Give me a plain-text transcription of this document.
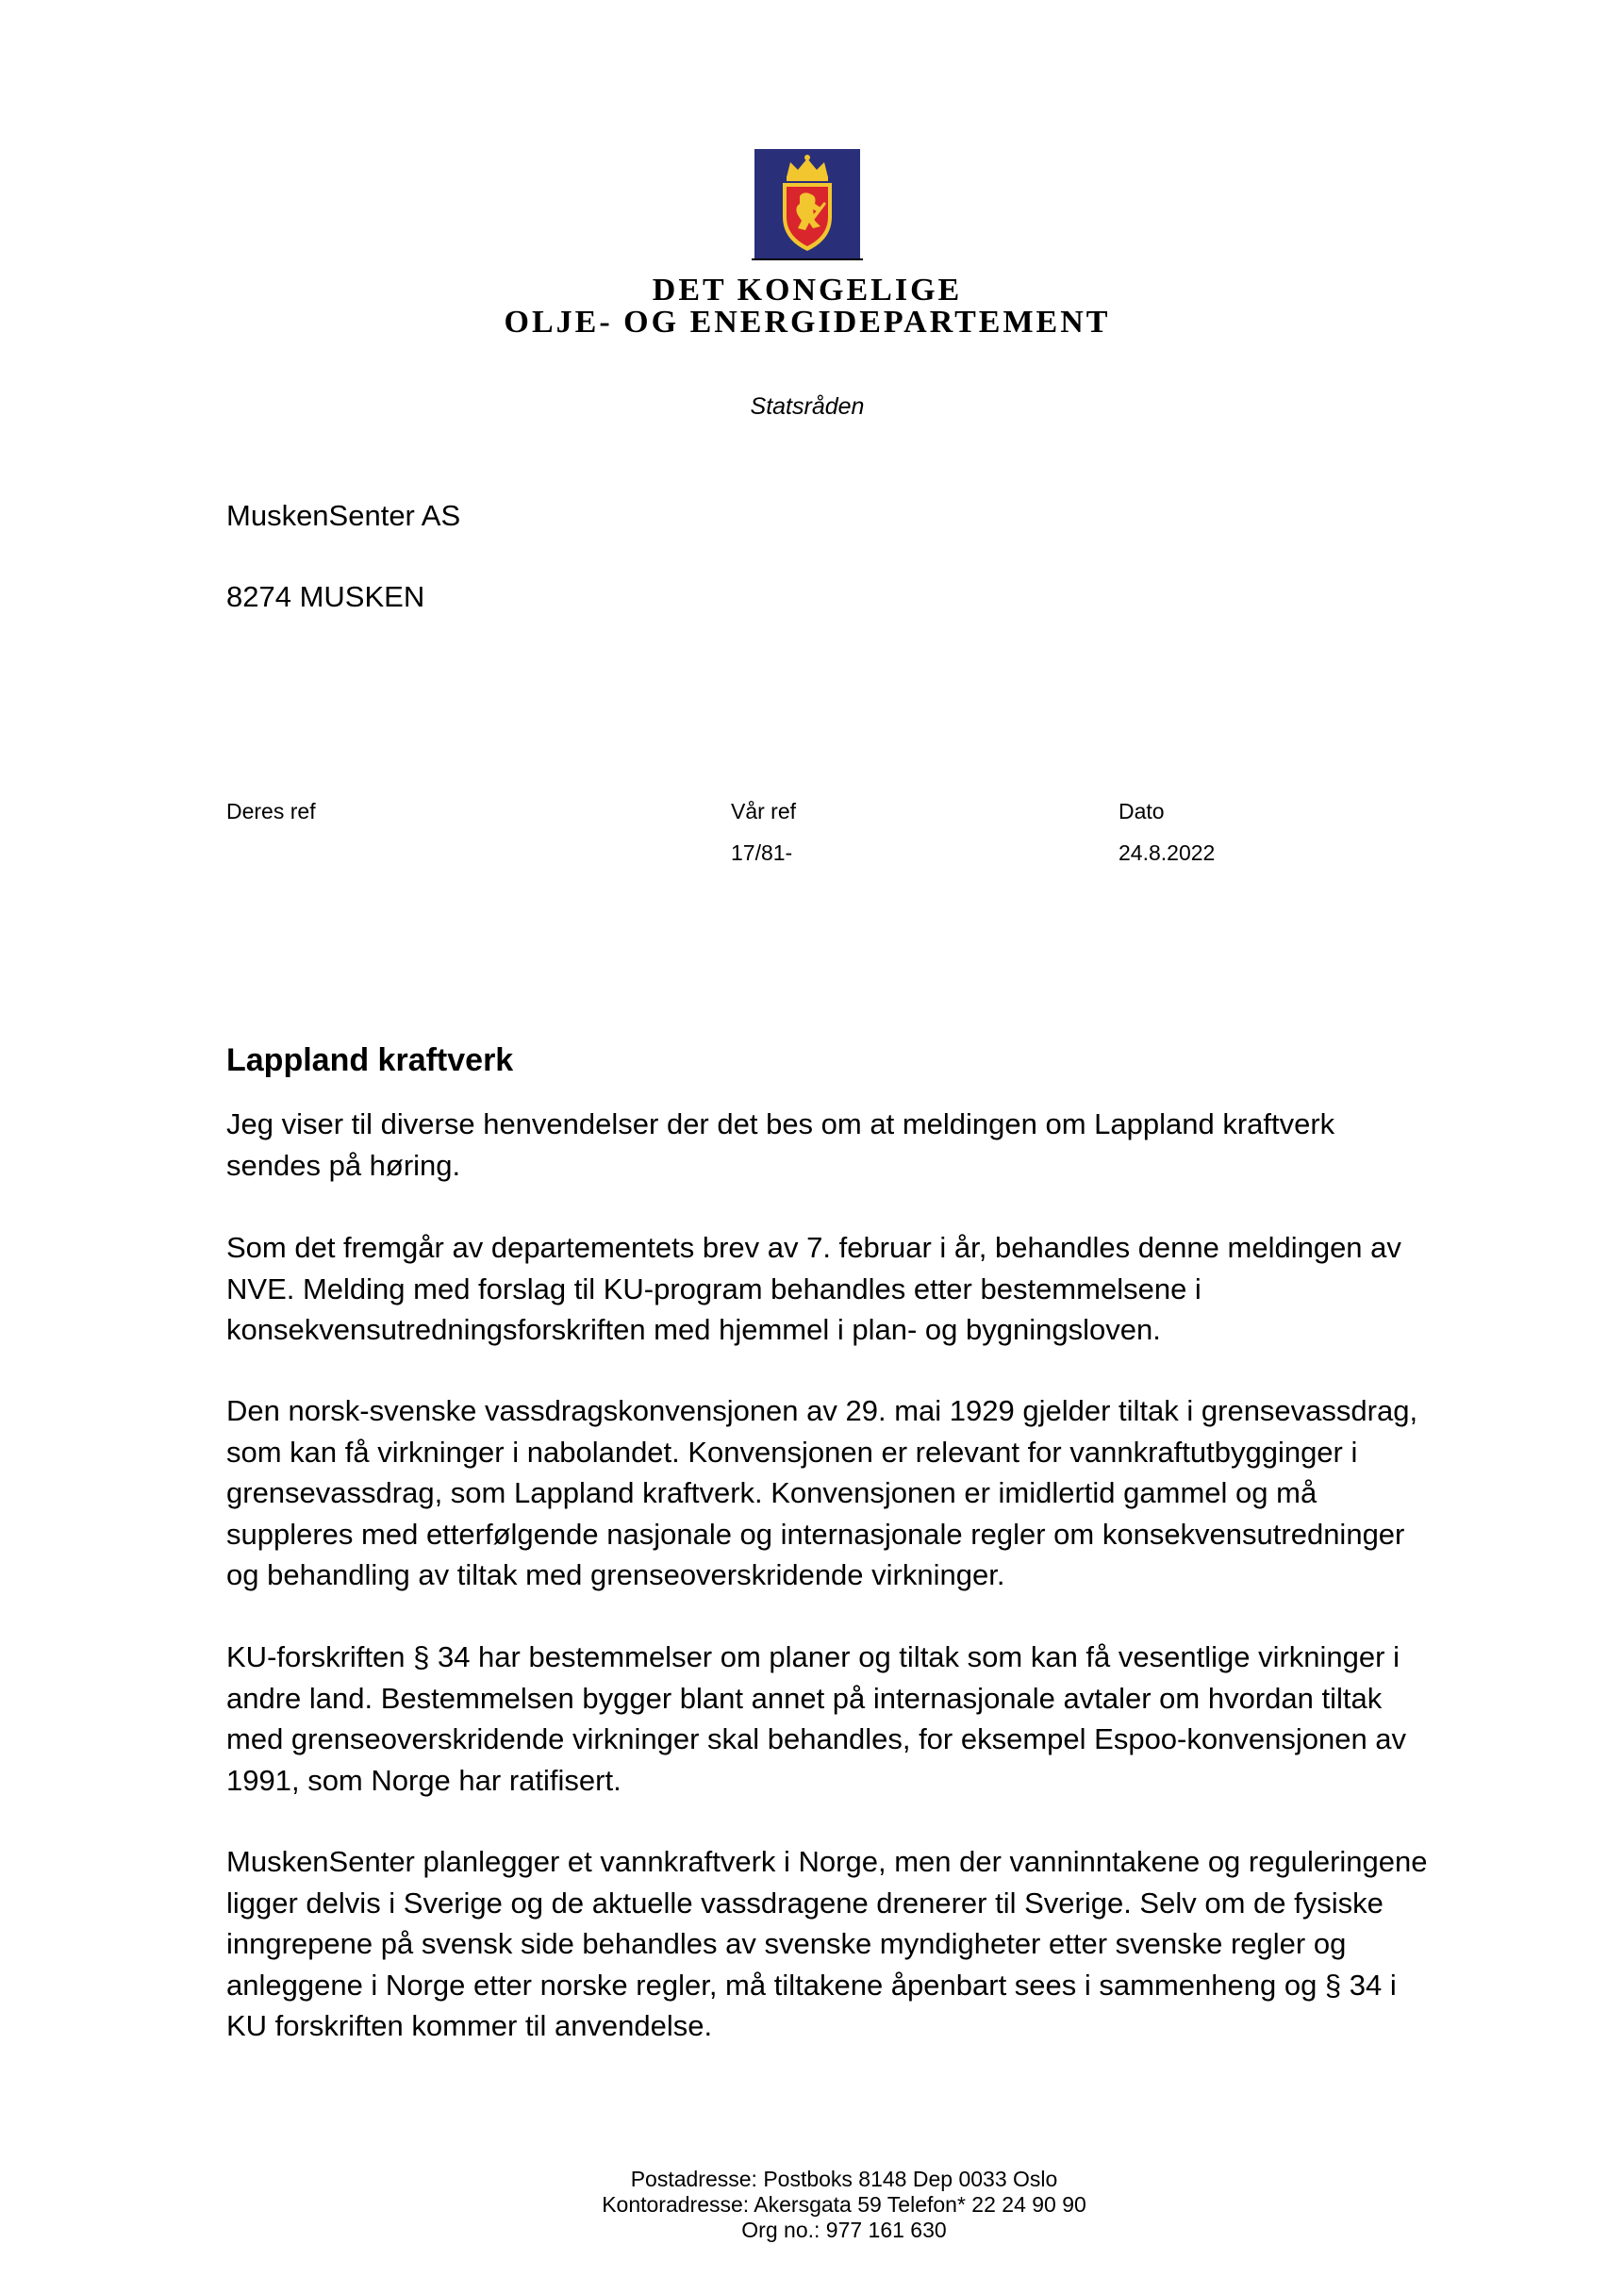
DET KONGELIGE
OLJE- OG ENERGIDEPARTEMENT
Statsråden
MuskenSenter AS
8274 MUSKEN
Deres ref	Vår ref
17/81-
Dato
24.8.2022
Lappland kraftverk
Jeg viser til diverse henvendelser der det bes om at meldingen om Lappland kraftverk
sendes på høring.
Som det fremgår av departementets brev av 7. februar i år, behandles denne meldingen av
NVE. Melding med forslag til KU-program behandles etter bestemmelsene i
konsekvensutredningsforskriften med hjemmel i plan- og bygningsloven.
Den norsk-svenske vassdragskonvensjonen av 29. mai 1929 gjelder tiltak i grensevassdrag,
som kan få virkninger i nabolandet. Konvensjonen er relevant for vannkraftutbygginger i
grensevassdrag, som Lappland kraftverk. Konvensjonen er imidlertid gammel og må
suppleres med etterfølgende nasjonale og internasjonale regler om konsekvensutredninger
og behandling av tiltak med grenseoverskridende virkninger.
KU-forskriften § 34 har bestemmelser om planer og tiltak som kan få vesentlige virkninger i
andre land. Bestemmelsen bygger blant annet på internasjonale avtaler om hvordan tiltak
med grenseoverskridende virkninger skal behandles, for eksempel Espoo-konvensjonen av
1991, som Norge har ratifisert.
MuskenSenter planlegger et vannkraftverk i Norge, men der vanninntakene og reguleringene
ligger delvis i Sverige og de aktuelle vassdragene drenerer til Sverige. Selv om de fysiske
inngrepene på svensk side behandles av svenske myndigheter etter svenske regler og
anleggene i Norge etter norske regler, må tiltakene åpenbart sees i sammenheng og § 34 i
KU forskriften kommer til anvendelse.
Postadresse: Postboks 8148 Dep 0033 Oslo
Kontoradresse: Akersgata 59 Telefon* 22 24 90 90
Org no.: 977 161 630
